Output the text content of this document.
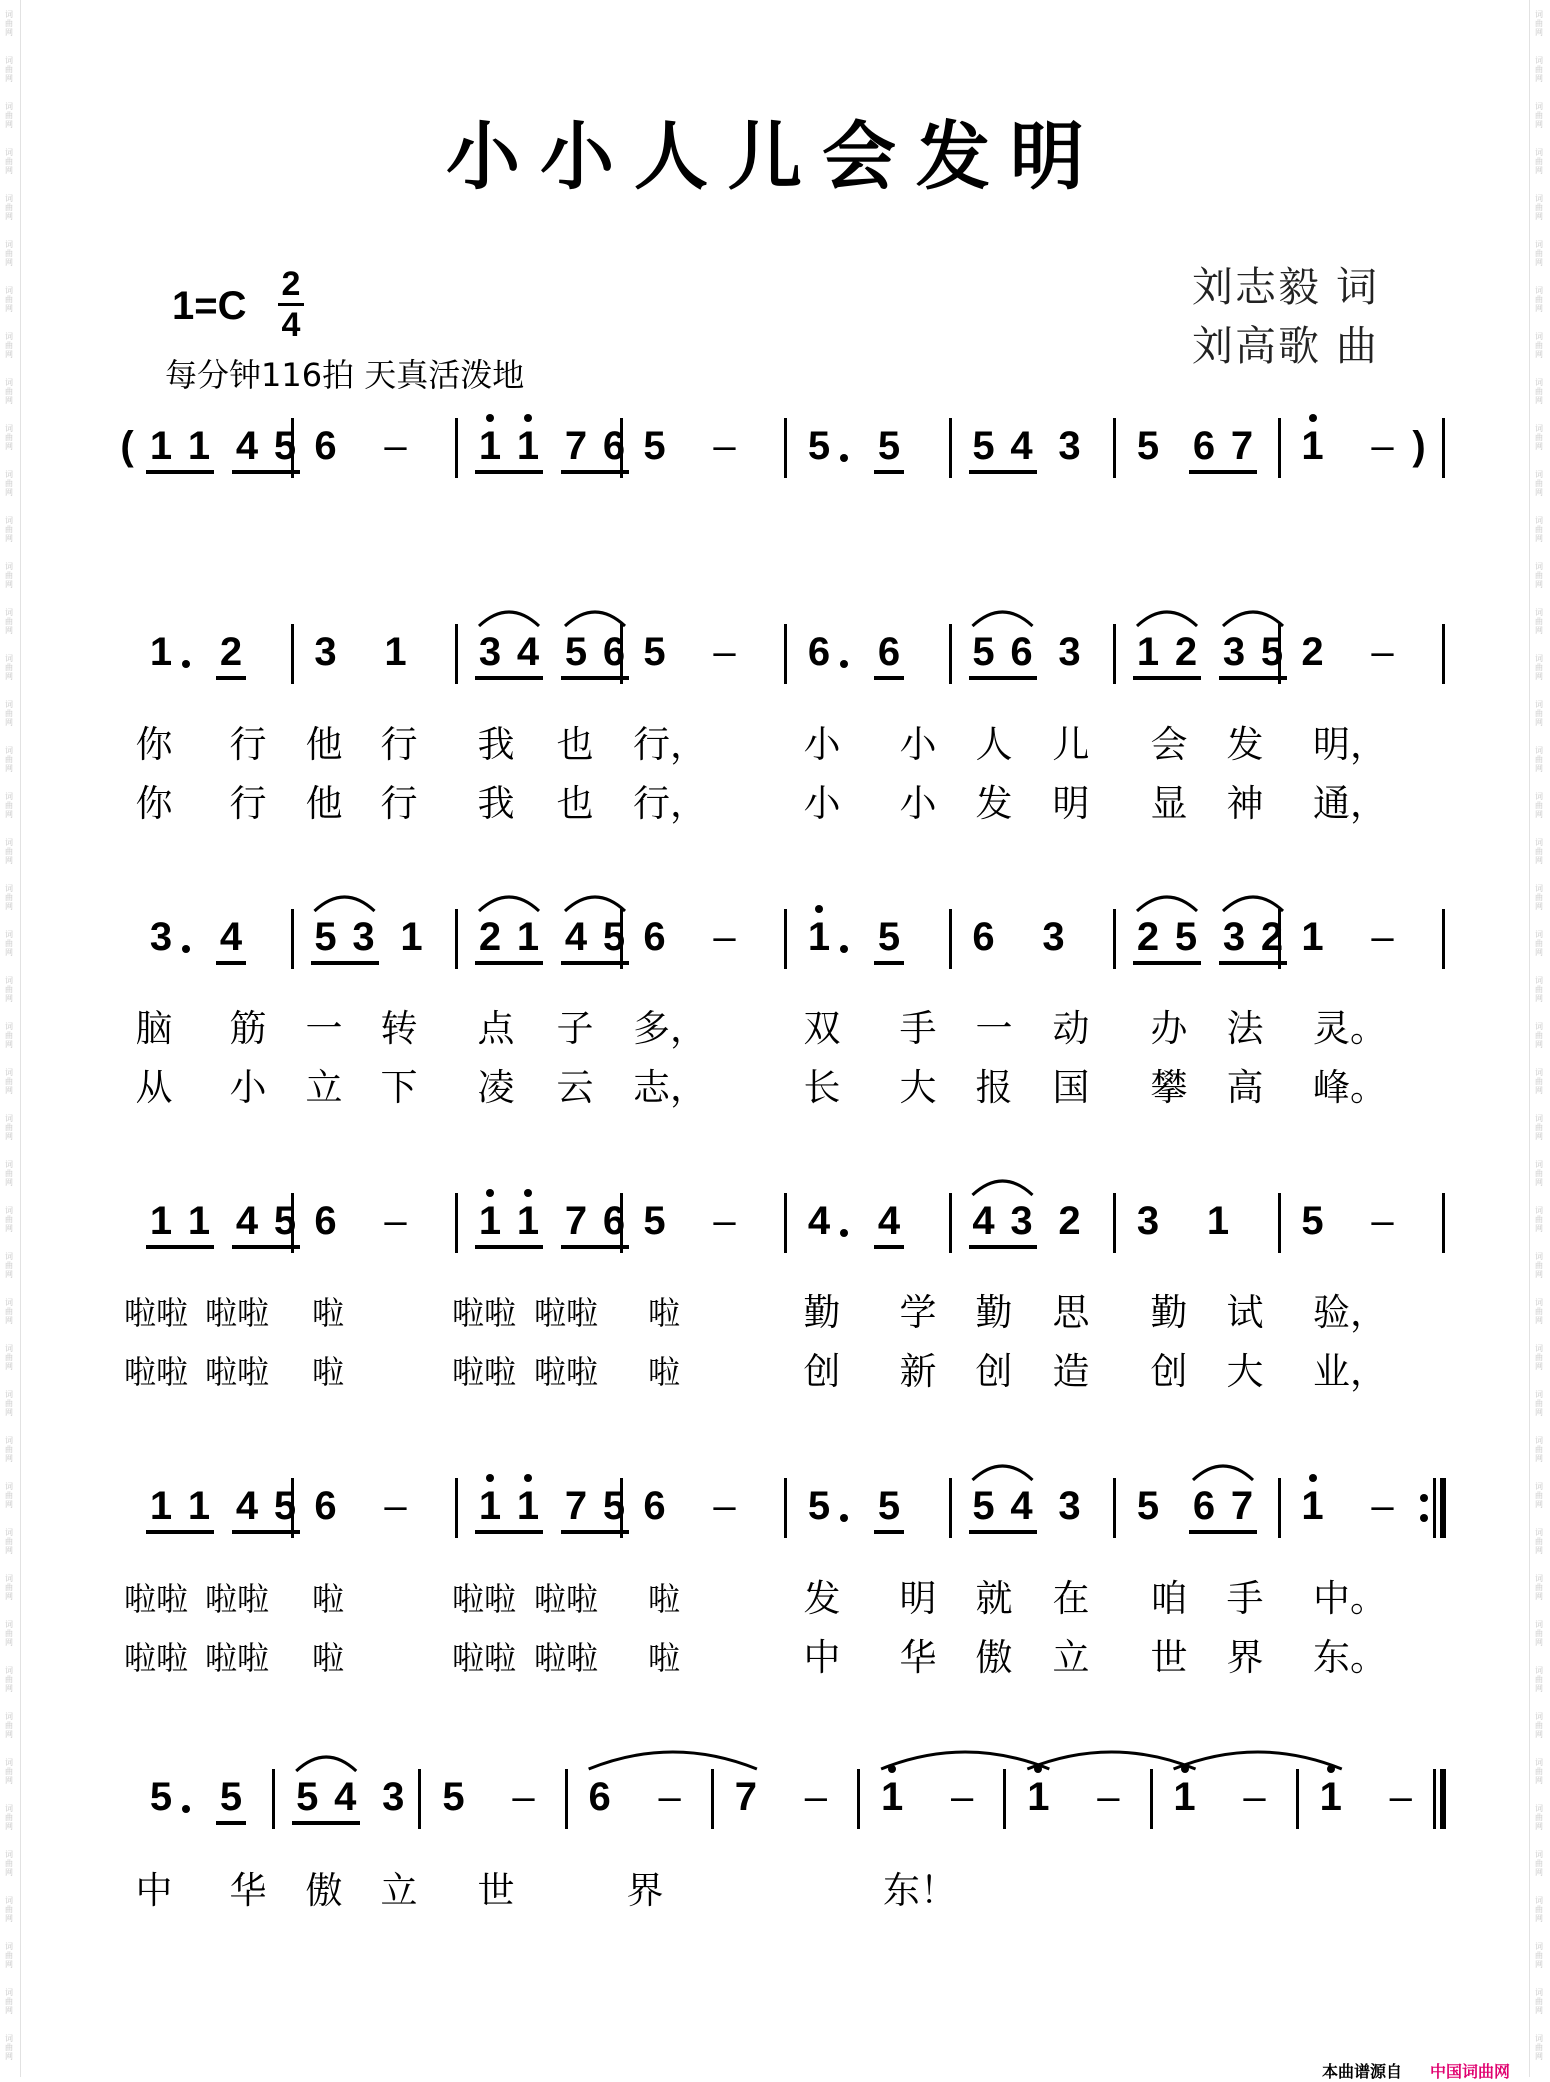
词曲网
词曲网
词曲网
词曲网
词曲网
词曲网
词曲网
词曲网
词曲网
词曲网
词曲网
词曲网
词曲网
词曲网
词曲网
词曲网
词曲网
词曲网
词曲网
词曲网
词曲网
词曲网
词曲网
词曲网
词曲网
词曲网
词曲网
词曲网
词曲网
词曲网
词曲网
词曲网
词曲网
词曲网
词曲网
词曲网
词曲网
词曲网
词曲网
词曲网
词曲网
词曲网
词曲网
词曲网
词曲网
词曲网
词曲网
词曲网
词曲网
词曲网
词曲网
词曲网
词曲网
词曲网
词曲网
词曲网
词曲网
词曲网
词曲网
词曲网
词曲网
词曲网
词曲网
词曲网
词曲网
词曲网
词曲网
词曲网
词曲网
词曲网
词曲网
词曲网
词曲网
词曲网
词曲网
词曲网
词曲网
词曲网
词曲网
词曲网
词曲网
词曲网
词曲网
词曲网
词曲网
词曲网
词曲网
词曲网
词曲网
词曲网
小小人儿会发明
1=C 2
4
每分钟116拍 天真活泼地
刘志毅 词
刘高歌 曲
(	)
1 1 4 5 6 – 1 1 7 6 5 – 5 5 5 4 3 5 6 7 1 –
1 2 3 1 3 4 5 6 5 – 6 6 5 6 3 1 2 3 5 2 –
你 行 他 行 我 也 行，	小 小 人 儿 会 发 明，
你 行 他 行 我 也 行，	小 小 发 明 显 神 通，
3 4 5 3 1 2 1 4 5 6 – 1 5 6 3 2 5 3 2 1 –
脑 筋 一 转 点 子 多，	双 手 一 动 办 法 灵。
从 小 立 下 凌 云 志，	长 大 报 国 攀 高 峰。
1 1 4 5 6 – 1 1 7 6 5 – 4 4 4 3 2 3 1 5 –
啦啦 啦啦 啦	啦啦 啦啦 啦	勤 学 勤 思 勤 试 验，
啦啦 啦啦 啦	啦啦 啦啦 啦	创 新 创 造 创 大 业，
1 1 4 5 6 – 1 1 7 5 6 – 5 5 5 4 3 5 6 7 1 –
啦啦 啦啦 啦	啦啦 啦啦 啦	发 明 就 在 咱 手 中。
啦啦 啦啦 啦	啦啦 啦啦 啦	中 华 傲 立 世 界 东。
5 5 5 4 3 5 – 6 – 7 – 1 – 1 – 1 – 1 –
中 华 傲 立 世	界	东！
本曲谱源自 中国词曲网
